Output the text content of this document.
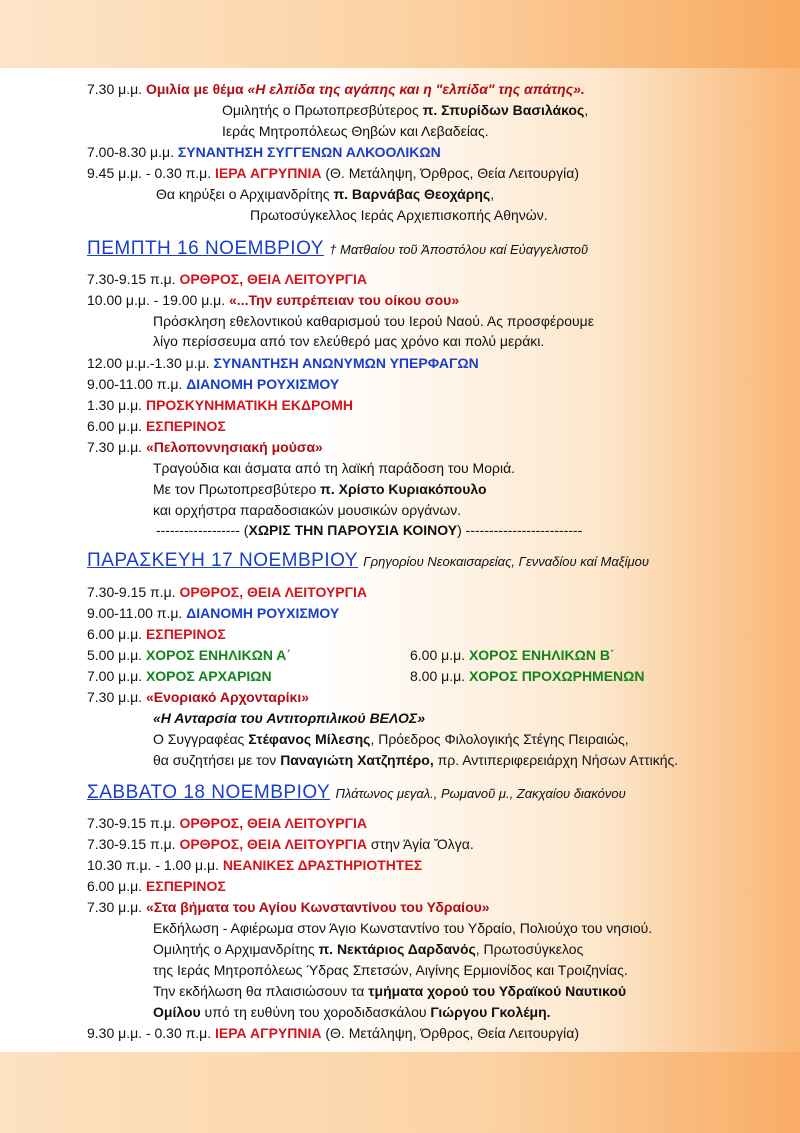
7.30 μ.μ. Ομιλία με θέμα «Η ελπίδα της αγάπης και η "ελπίδα" της απάτης».
Ομιλητής ο Πρωτοπρεσβύτερος π. Σπυρίδων Βασιλάκος,
Ιεράς Μητροπόλεως Θηβών και Λεβαδείας.
7.00-8.30 μ.μ. ΣΥΝΑΝΤΗΣΗ ΣΥΓΓΕΝΩΝ ΑΛΚΟΟΛΙΚΩΝ
9.45 μ.μ. - 0.30 π.μ. ΙΕΡΑ ΑΓΡΥΠΝΙΑ (Θ. Μετάληψη, Όρθρος, Θεία Λειτουργία)
Θα κηρύξει ο Αρχιμανδρίτης π. Βαρνάβας Θεοχάρης,
Πρωτοσύγκελλος Ιεράς Αρχιεπισκοπής Αθηνών.
ΠΕΜΠΤΗ 16 ΝΟΕΜΒΡΙΟΥ † Ματθαίου τοῦ Ἀποστόλου καί Εὐαγγελιστοῦ
7.30-9.15 π.μ. ΟΡΘΡΟΣ, ΘΕΙΑ ΛΕΙΤΟΥΡΓΙΑ
10.00 μ.μ. - 19.00 μ.μ. «...Την ευπρέπειαν του οίκου σου»
Πρόσκληση εθελοντικού καθαρισμού του Ιερού Ναού. Ας προσφέρουμε
λίγο περίσσευμα από τον ελεύθερό μας χρόνο και πολύ μεράκι.
12.00 μ.μ.-1.30 μ.μ. ΣΥΝΑΝΤΗΣΗ ΑΝΩΝΥΜΩΝ ΥΠΕΡΦΑΓΩΝ
9.00-11.00 π.μ. ΔΙΑΝΟΜΗ ΡΟΥΧΙΣΜΟΥ
1.30 μ.μ. ΠΡΟΣΚΥΝΗΜΑΤΙΚΗ ΕΚΔΡΟΜΗ
6.00 μ.μ. ΕΣΠΕΡΙΝΟΣ
7.30 μ.μ. «Πελοποννησιακή μούσα»
Τραγούδια και άσματα από τη λαϊκή παράδοση του Μοριά.
Με τον Πρωτοπρεσβύτερο π. Χρίστο Κυριακόπουλο
και ορχήστρα παραδοσιακών μουσικών οργάνων.
------------------ (ΧΩΡΙΣ ΤΗΝ ΠΑΡΟΥΣΙΑ ΚΟΙΝΟΥ) -------------------------
ΠΑΡΑΣΚΕΥΗ 17 ΝΟΕΜΒΡΙΟΥ Γρηγορίου Νεοκαισαρείας, Γενναδίου καί Μαξίμου
7.30-9.15 π.μ. ΟΡΘΡΟΣ, ΘΕΙΑ ΛΕΙΤΟΥΡΓΙΑ
9.00-11.00 π.μ. ΔΙΑΝΟΜΗ ΡΟΥΧΙΣΜΟΥ
6.00 μ.μ. ΕΣΠΕΡΙΝΟΣ
5.00 μ.μ. ΧΟΡΟΣ ΕΝΗΛΙΚΩΝ Α΄	6.00 μ.μ. ΧΟΡΟΣ ΕΝΗΛΙΚΩΝ Β΄
7.00 μ.μ. ΧΟΡΟΣ ΑΡΧΑΡΙΩΝ	8.00 μ.μ. ΧΟΡΟΣ ΠΡΟΧΩΡΗΜΕΝΩΝ
7.30 μ.μ. «Ενοριακό Αρχονταρίκι»
«Η Ανταρσία του Αντιτορπιλικού ΒΕΛΟΣ»
Ο Συγγραφέας Στέφανος Μίλεσης, Πρόεδρος Φιλολογικής Στέγης Πειραιώς,
θα συζητήσει με τον Παναγιώτη Χατζηπέρο, πρ. Αντιπεριφερειάρχη Νήσων Αττικής.
ΣΑΒΒΑΤΟ 18 ΝΟΕΜΒΡΙΟΥ Πλάτωνος μεγαλ., Ρωμανοῦ μ., Ζακχαίου διακόνου
7.30-9.15 π.μ. ΟΡΘΡΟΣ, ΘΕΙΑ ΛΕΙΤΟΥΡΓΙΑ
7.30-9.15 π.μ. ΟΡΘΡΟΣ, ΘΕΙΑ ΛΕΙΤΟΥΡΓΙΑ στην Άγία Ὄλγα.
10.30 π.μ. - 1.00 μ.μ. ΝΕΑΝΙΚΕΣ ΔΡΑΣΤΗΡΙΟΤΗΤΕΣ
6.00 μ.μ. ΕΣΠΕΡΙΝΟΣ
7.30 μ.μ. «Στα βήματα του Αγίου Κωνσταντίνου του Υδραίου»
Εκδήλωση - Αφιέρωμα στον Άγιο Κωνσταντίνο του Υδραίο, Πολιούχο του νησιού.
Ομιλητής ο Αρχιμανδρίτης π. Νεκτάριος Δαρδανός, Πρωτοσύγκελος
της Ιεράς Μητροπόλεως Ύδρας Σπετσών, Αιγίνης Ερμιονίδος και Τροιζηνίας.
Την εκδήλωση θα πλαισιώσουν τα τμήματα χορού του Υδραϊκού Ναυτικού
Ομίλου υπό τη ευθύνη του χοροδιδασκάλου Γιώργου Γκολέμη.
9.30 μ.μ. - 0.30 π.μ. ΙΕΡΑ ΑΓΡΥΠΝΙΑ (Θ. Μετάληψη, Όρθρος, Θεία Λειτουργία)
